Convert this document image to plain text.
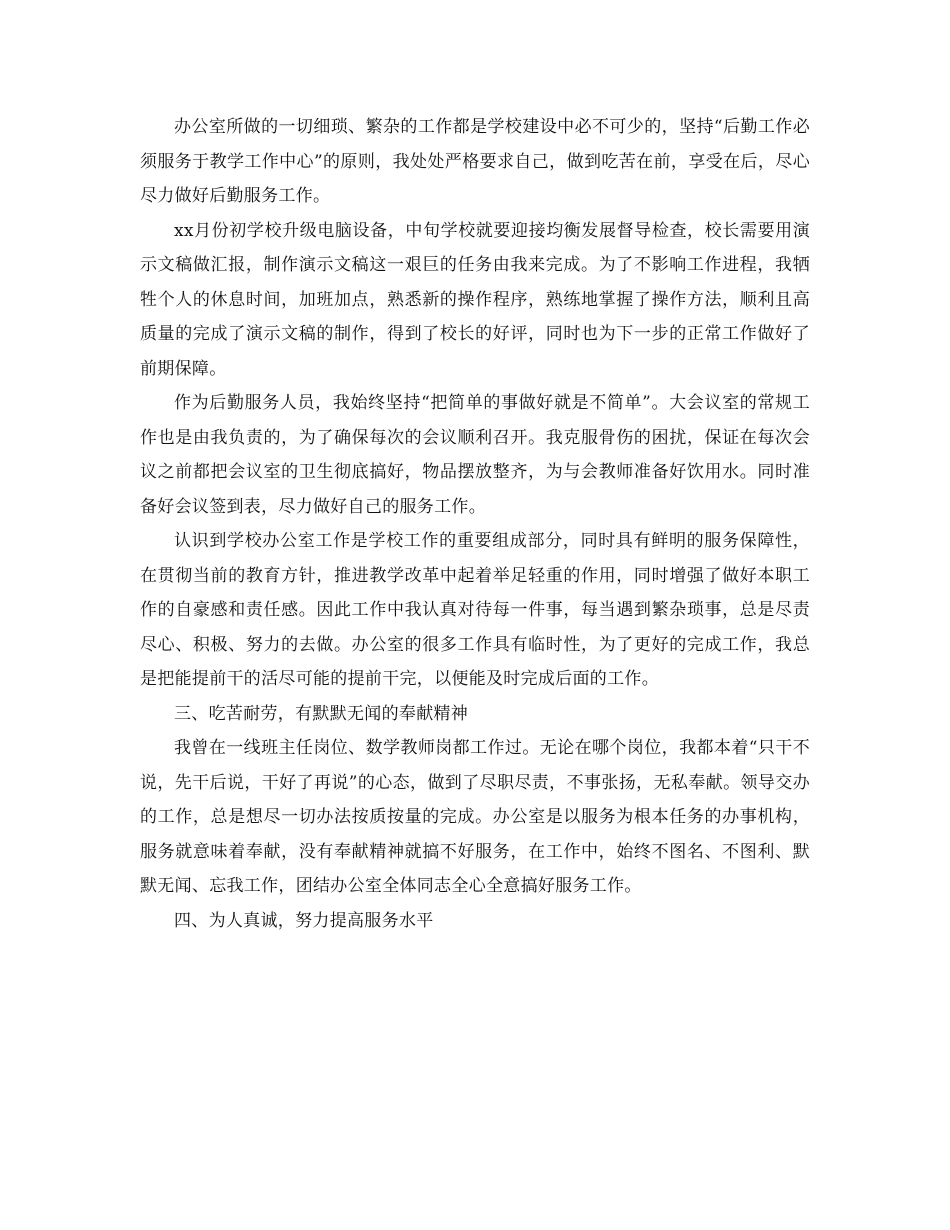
办公室所做的一切细琐、繁杂的工作都是学校建设中必不可少的，坚持“后勤工作必须服务于教学工作中心”的原则，我处处严格要求自己，做到吃苦在前，享受在后，尽心尽力做好后勤服务工作。

xx月份初学校升级电脑设备，中旬学校就要迎接均衡发展督导检查，校长需要用演示文稿做汇报，制作演示文稿这一艰巨的任务由我来完成。为了不影响工作进程，我牺牲个人的休息时间，加班加点，熟悉新的操作程序，熟练地掌握了操作方法，顺利且高质量的完成了演示文稿的制作，得到了校长的好评，同时也为下一步的正常工作做好了前期保障。

作为后勤服务人员，我始终坚持“把简单的事做好就是不简单”。大会议室的常规工作也是由我负责的，为了确保每次的会议顺利召开。我克服骨伤的困扰，保证在每次会议之前都把会议室的卫生彻底搞好，物品摆放整齐，为与会教师准备好饮用水。同时准备好会议签到表，尽力做好自己的服务工作。

认识到学校办公室工作是学校工作的重要组成部分，同时具有鲜明的服务保障性，在贯彻当前的教育方针，推进教学改革中起着举足轻重的作用，同时增强了做好本职工作的自豪感和责任感。因此工作中我认真对待每一件事，每当遇到繁杂琐事，总是尽责尽心、积极、努力的去做。办公室的很多工作具有临时性，为了更好的完成工作，我总是把能提前干的活尽可能的提前干完，以便能及时完成后面的工作。

三、吃苦耐劳，有默默无闻的奉献精神

我曾在一线班主任岗位、数学教师岗都工作过。无论在哪个岗位，我都本着“只干不说，先干后说，干好了再说”的心态，做到了尽职尽责，不事张扬，无私奉献。领导交办的工作，总是想尽一切办法按质按量的完成。办公室是以服务为根本任务的办事机构，服务就意味着奉献，没有奉献精神就搞不好服务，在工作中，始终不图名、不图利、默默无闻、忘我工作，团结办公室全体同志全心全意搞好服务工作。

四、为人真诚，努力提高服务水平
